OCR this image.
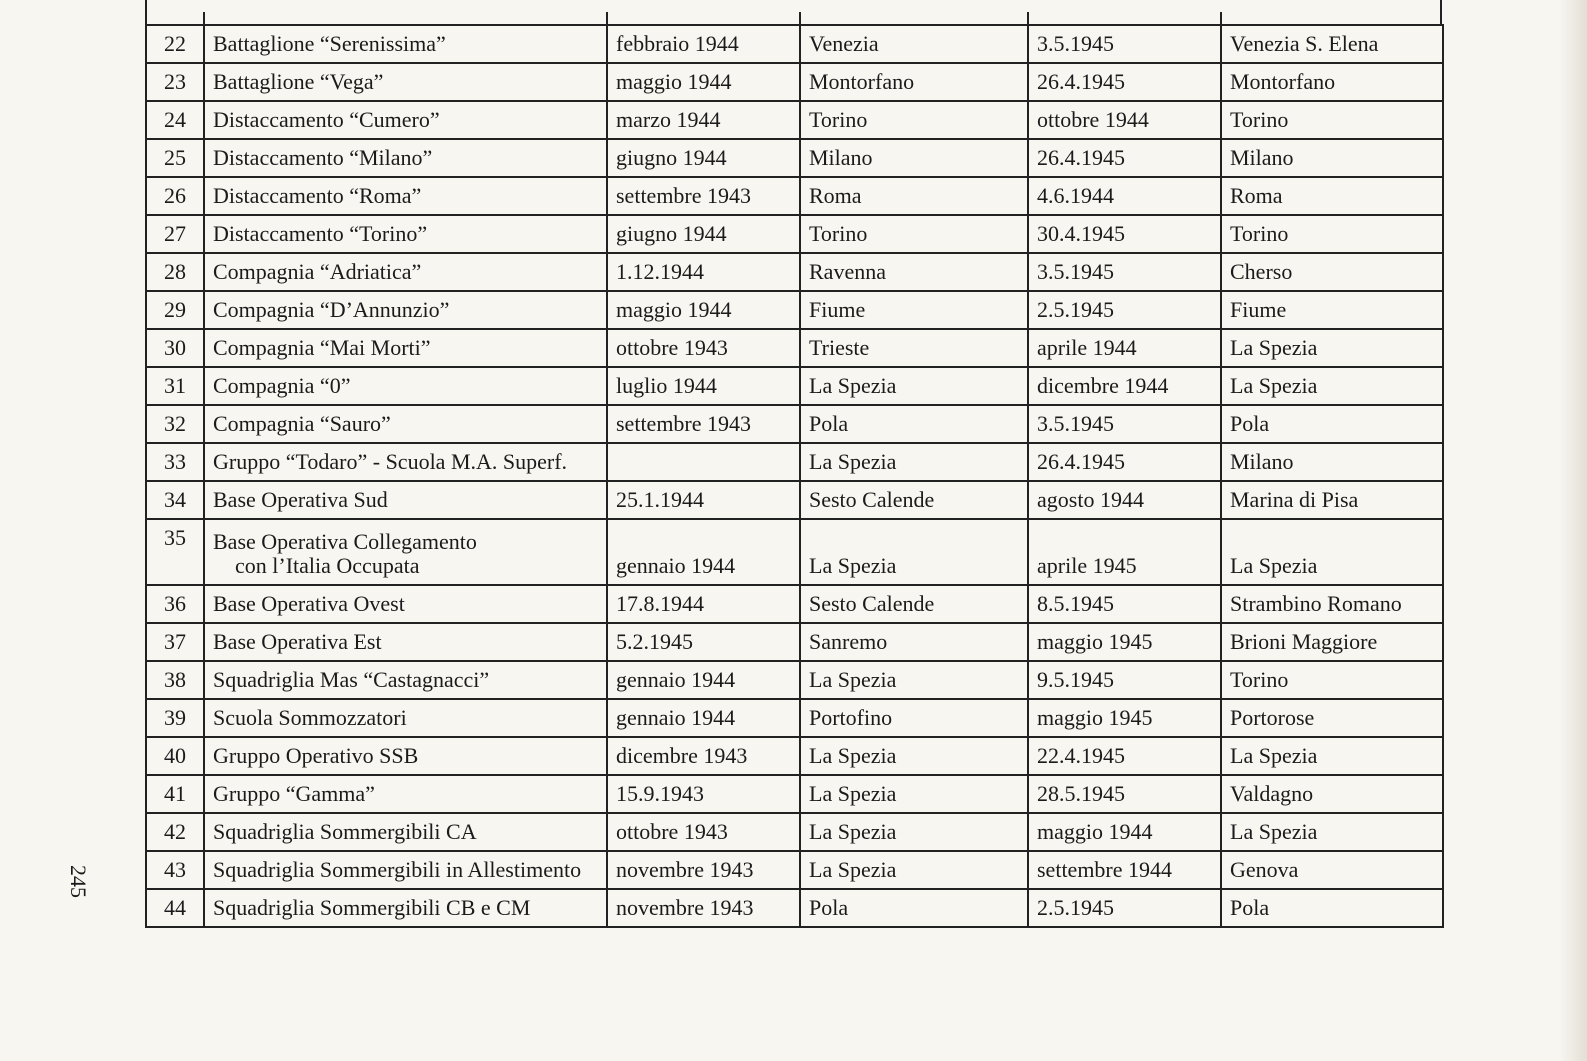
22	Battaglione “Serenissima”	febbraio 1944	Venezia	3.5.1945	Venezia S. Elena
23	Battaglione “Vega”	maggio 1944	Montorfano	26.4.1945	Montorfano
24	Distaccamento “Cumero”	marzo 1944	Torino	ottobre 1944	Torino
25	Distaccamento “Milano”	giugno 1944	Milano	26.4.1945	Milano
26	Distaccamento “Roma”	settembre 1943	Roma	4.6.1944	Roma
27	Distaccamento “Torino”	giugno 1944	Torino	30.4.1945	Torino
28	Compagnia “Adriatica”	1.12.1944	Ravenna	3.5.1945	Cherso
29	Compagnia “D’Annunzio”	maggio 1944	Fiume	2.5.1945	Fiume
30	Compagnia “Mai Morti”	ottobre 1943	Trieste	aprile 1944	La Spezia
31	Compagnia “0”	luglio 1944	La Spezia	dicembre 1944	La Spezia
32	Compagnia “Sauro”	settembre 1943	Pola	3.5.1945	Pola
33	Gruppo “Todaro” - Scuola M.A. Superf.		La Spezia	26.4.1945	Milano
34	Base Operativa Sud	25.1.1944	Sesto Calende	agosto 1944	Marina di Pisa
35	Base Operativa Collegamento
con l’Italia Occupata	gennaio 1944	La Spezia	aprile 1945	La Spezia
36	Base Operativa Ovest	17.8.1944	Sesto Calende	8.5.1945	Strambino Romano
37	Base Operativa Est	5.2.1945	Sanremo	maggio 1945	Brioni Maggiore
38	Squadriglia Mas “Castagnacci”	gennaio 1944	La Spezia	9.5.1945	Torino
39	Scuola Sommozzatori	gennaio 1944	Portofino	maggio 1945	Portorose
40	Gruppo Operativo SSB	dicembre 1943	La Spezia	22.4.1945	La Spezia
41	Gruppo “Gamma”	15.9.1943	La Spezia	28.5.1945	Valdagno
42	Squadriglia Sommergibili CA	ottobre 1943	La Spezia	maggio 1944	La Spezia
43	Squadriglia Sommergibili in Allestimento	novembre 1943	La Spezia	settembre 1944	Genova
44	Squadriglia Sommergibili CB e CM	novembre 1943	Pola	2.5.1945	Pola
245
